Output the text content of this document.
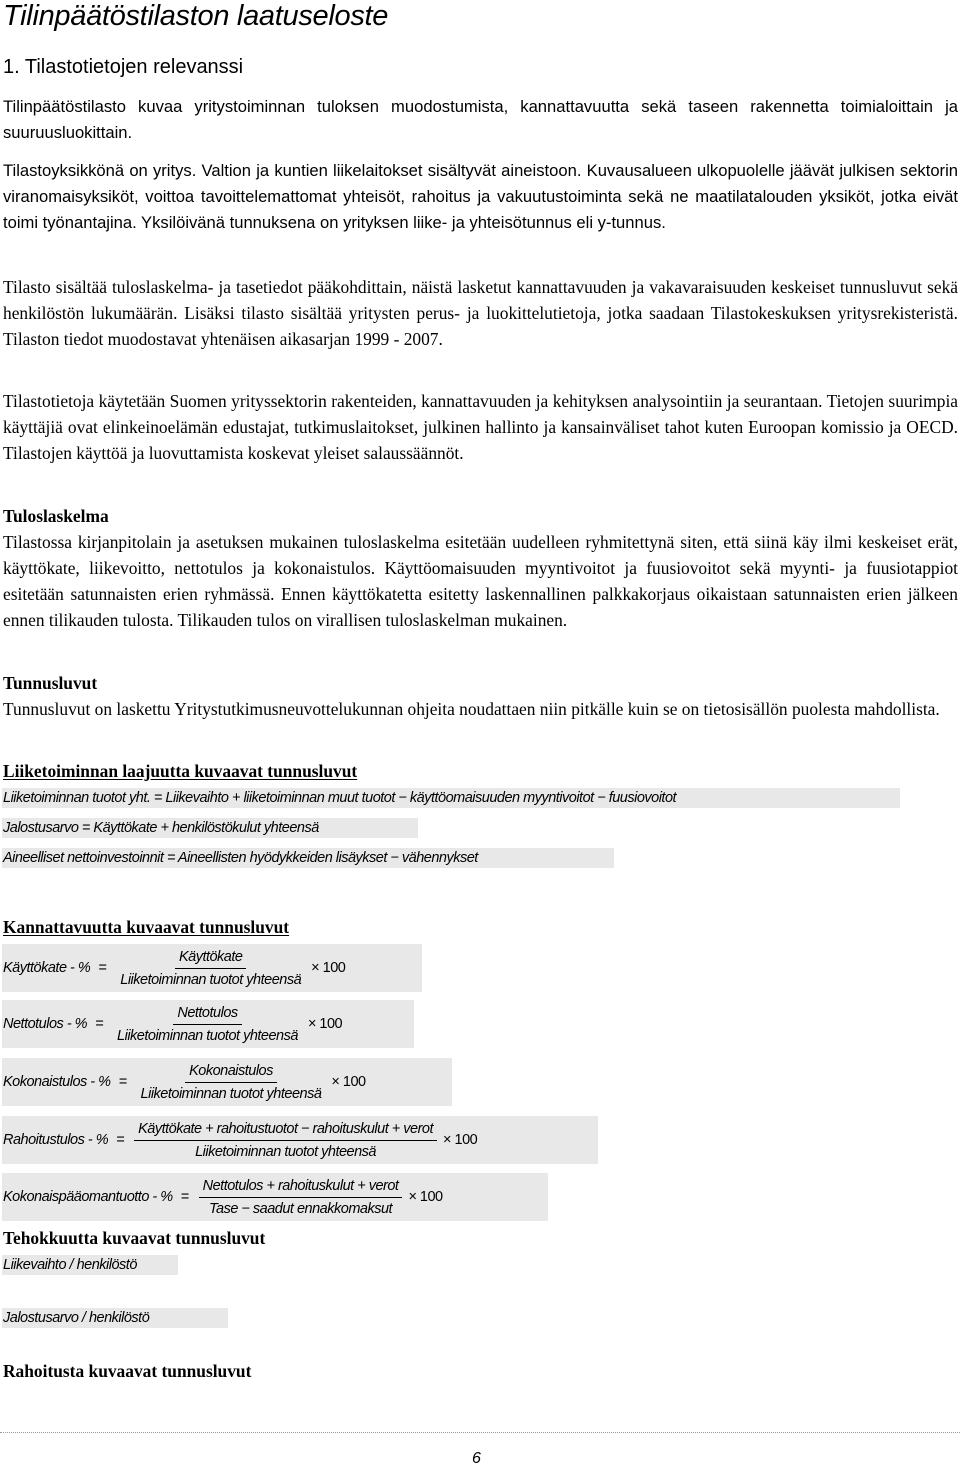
Tilinpäätöstilaston laatuseloste
1. Tilastotietojen relevanssi

Tilinpäätöstilasto kuvaa yritystoiminnan tuloksen muodostumista, kannattavuutta sekä taseen rakennetta toimialoittain ja suuruusluokittain.

Tilastoyksikkönä on yritys. Valtion ja kuntien liikelaitokset sisältyvät aineistoon. Kuvausalueen ulkopuolelle jäävät julkisen sektorin viranomaisyksiköt, voittoa tavoittelemattomat yhteisöt, rahoitus ja vakuutustoiminta sekä ne maatilatalouden yksiköt, jotka eivät toimi työnantajina. Yksilöivänä tunnuksena on yrityksen liike- ja yhteisötunnus eli y-tunnus.

Tilasto sisältää tuloslaskelma- ja tasetiedot pääkohdittain, näistä lasketut kannattavuuden ja vakavaraisuuden keskeiset tunnusluvut sekä henkilöstön lukumäärän. Lisäksi tilasto sisältää yritysten perus- ja luokittelutietoja, jotka saadaan Tilastokeskuksen yritysrekisteristä. Tilaston tiedot muodostavat yhtenäisen aikasarjan 1999 - 2007.

Tilastotietoja käytetään Suomen yrityssektorin rakenteiden, kannattavuuden ja kehityksen analysointiin ja seurantaan. Tietojen suurimpia käyttäjiä ovat elinkeinoelämän edustajat, tutkimuslaitokset, julkinen hallinto ja kansainväliset tahot kuten Euroopan komissio ja OECD. Tilastojen käyttöä ja luovuttamista koskevat yleiset salaussäännöt.

Tuloslaskelma

Tilastossa kirjanpitolain ja asetuksen mukainen tuloslaskelma esitetään uudelleen ryhmitettynä siten, että siinä käy ilmi keskeiset erät, käyttökate, liikevoitto, nettotulos ja kokonaistulos. Käyttöomaisuuden myyntivoitot ja fuusiovoitot sekä myynti- ja fuusiotappiot esitetään satunnaisten erien ryhmässä. Ennen käyttökatetta esitetty laskennallinen palkkakorjaus oikaistaan satunnaisten erien jälkeen ennen tilikauden tulosta. Tilikauden tulos on virallisen tuloslaskelman mukainen.

Tunnusluvut

Tunnusluvut on laskettu Yritystutkimusneuvottelukunnan ohjeita noudattaen niin pitkälle kuin se on tietosisällön puolesta mahdollista.

Liiketoiminnan laajuutta kuvaavat tunnusluvut
Liiketoiminnan tuotot yht. = Liikevaihto + liiketoiminnan muut tuotot − käyttöomaisuuden myyntivoitot − fuusiovoitot
Jalostusarvo = Käyttökate + henkilöstökulut yhteensä
Aineelliset nettoinvestoinnit = Aineellisten hyödykkeiden lisäykset − vähennykset
Kannattavuutta kuvaavat tunnusluvut
Käyttökate - % = $\frac{\text{Käyttökate}}{\text{Liiketoiminnan tuotot yhteensä}} \times 100$
Nettotulos - % = $\frac{\text{Nettotulos}}{\text{Liiketoiminnan tuotot yhteensä}} \times 100$
Kokonaistulos - % = $\frac{\text{Kokonaistulos}}{\text{Liiketoiminnan tuotot yhteensä}} \times 100$
Rahoitustulos - % = $\frac{\text{Käyttökate + rahoitustuotot − rahoituskulut + verot}}{\text{Liiketoiminnan tuotot yhteensä}} \times 100$
Kokonaispääomantuotto - % = $\frac{\text{Nettotulos + rahoituskulut + verot}}{\text{Tase − saadut ennakkomaksut}} \times 100$
Tehokkuutta kuvaavat tunnusluvut
Liikevaihto / henkilöstö
Jalostusarvo / henkilöstö
Rahoitusta kuvaavat tunnusluvut
6
